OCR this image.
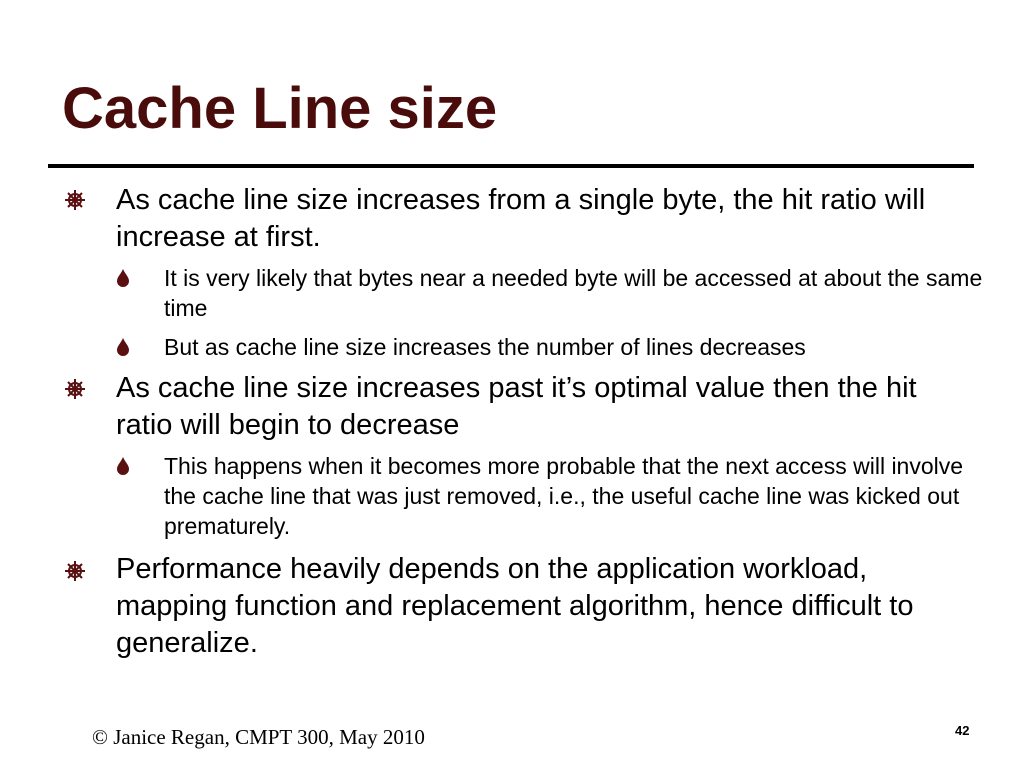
Cache Line size
As cache line size increases from a single byte, the hit ratio will increase at first.
It is very likely that bytes near a needed byte will be accessed at about the same time
But as cache line size increases the number of lines decreases
As cache line size increases past it’s optimal value then the hit ratio will begin to decrease
This happens when it becomes more probable that the next access will involve the cache line that was just removed, i.e., the useful cache line was kicked out prematurely.
Performance heavily depends on the application workload, mapping function and replacement algorithm, hence difficult to generalize.
© Janice Regan, CMPT 300, May 2010	42
